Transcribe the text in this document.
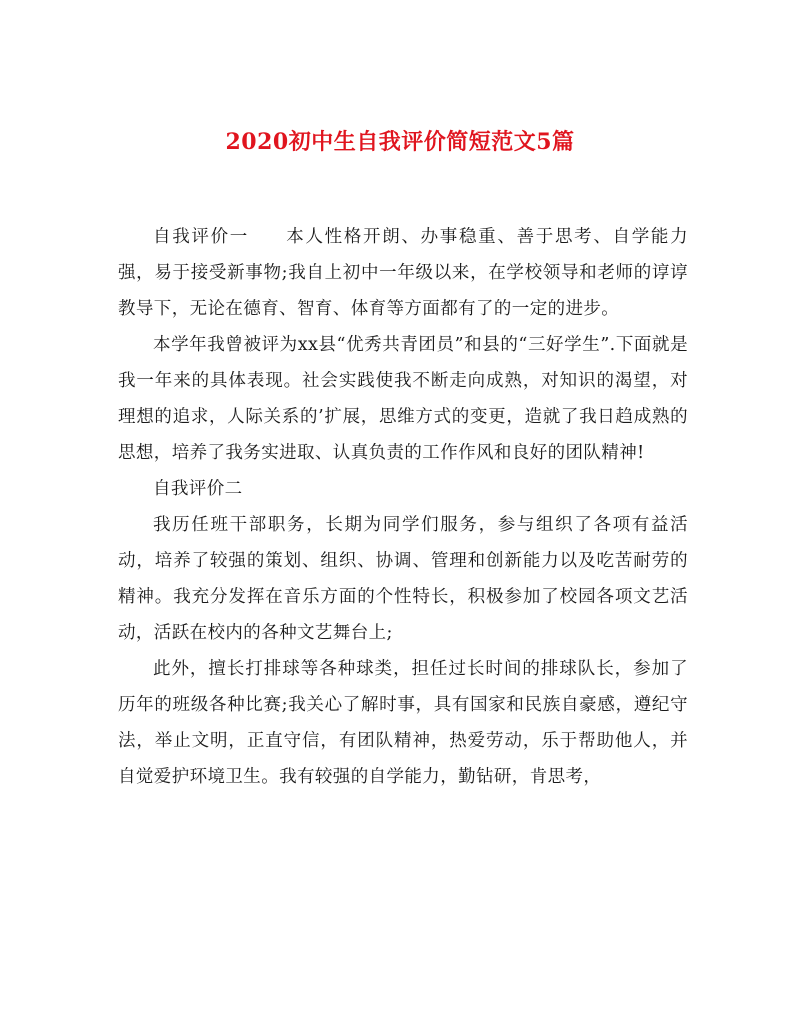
2020初中生自我评价简短范文5篇

自我评价一 本人性格开朗、办事稳重、善于思考、自学能力强，易于接受新事物;我自上初中一年级以来，在学校领导和老师的谆谆教导下，无论在德育、智育、体育等方面都有了的一定的进步。

本学年我曾被评为xx县“优秀共青团员”和县的“三好学生”.下面就是我一年来的具体表现。社会实践使我不断走向成熟，对知识的渴望，对理想的追求，人际关系的’扩展，思维方式的变更，造就了我日趋成熟的思想，培养了我务实进取、认真负责的工作作风和良好的团队精神!

自我评价二

我历任班干部职务，长期为同学们服务，参与组织了各项有益活动，培养了较强的策划、组织、协调、管理和创新能力以及吃苦耐劳的精神。我充分发挥在音乐方面的个性特长，积极参加了校园各项文艺活动，活跃在校内的各种文艺舞台上;

此外，擅长打排球等各种球类，担任过长时间的排球队长，参加了历年的班级各种比赛;我关心了解时事，具有国家和民族自豪感，遵纪守法，举止文明，正直守信，有团队精神，热爱劳动，乐于帮助他人，并自觉爱护环境卫生。我有较强的自学能力，勤钻研，肯思考，
